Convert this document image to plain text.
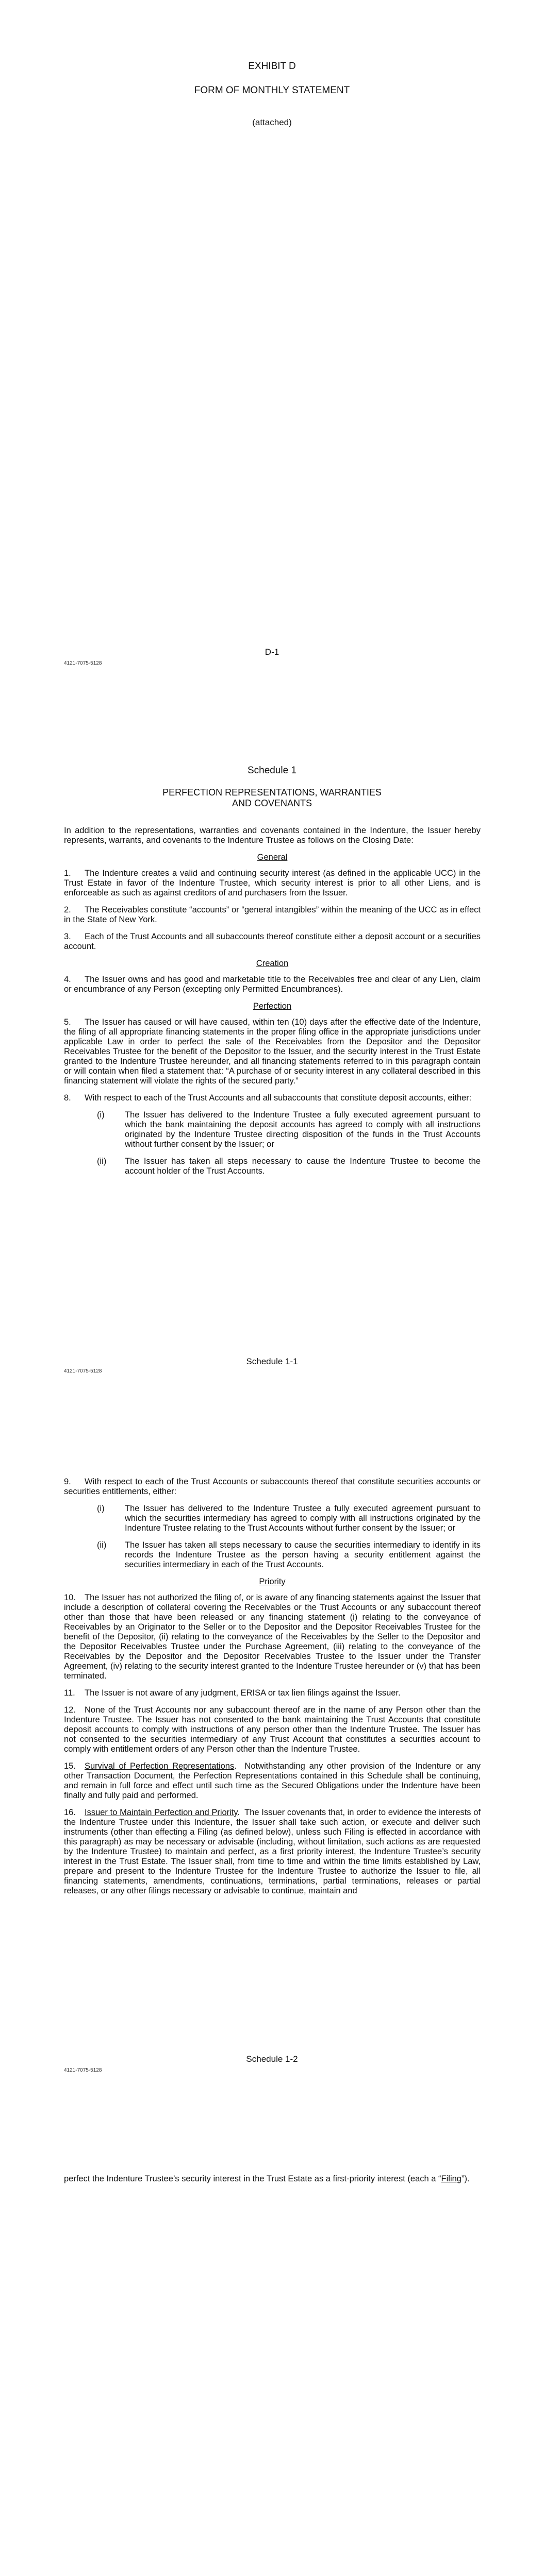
EXHIBIT D
FORM OF MONTHLY STATEMENT
(attached)
D-1
4121-7075-5128
Schedule 1
PERFECTION REPRESENTATIONS, WARRANTIES
AND COVENANTS

In addition to the representations, warranties and covenants contained in the Indenture, the Issuer hereby represents, warrants, and covenants to the Indenture Trustee as follows on the Closing Date:

General

1. The Indenture creates a valid and continuing security interest (as defined in the applicable UCC) in the Trust Estate in favor of the Indenture Trustee, which security interest is prior to all other Liens, and is enforceable as such as against creditors of and purchasers from the Issuer.

2. The Receivables constitute “accounts” or “general intangibles” within the meaning of the UCC as in effect in the State of New York.

3. Each of the Trust Accounts and all subaccounts thereof constitute either a deposit account or a securities account.

Creation

4. The Issuer owns and has good and marketable title to the Receivables free and clear of any Lien, claim or encumbrance of any Person (excepting only Permitted Encumbrances).

Perfection

5. The Issuer has caused or will have caused, within ten (10) days after the effective date of the Indenture, the filing of all appropriate financing statements in the proper filing office in the appropriate jurisdictions under applicable Law in order to perfect the sale of the Receivables from the Depositor and the Depositor Receivables Trustee for the benefit of the Depositor to the Issuer, and the security interest in the Trust Estate granted to the Indenture Trustee hereunder, and all financing statements referred to in this paragraph contain or will contain when filed a statement that: “A purchase of or security interest in any collateral described in this financing statement will violate the rights of the secured party.”

8. With respect to each of the Trust Accounts and all subaccounts that constitute deposit accounts, either:

(i)	The Issuer has delivered to the Indenture Trustee a fully executed agreement pursuant to which the bank maintaining the deposit accounts has agreed to comply with all instructions originated by the Indenture Trustee directing disposition of the funds in the Trust Accounts without further consent by the Issuer; or
(ii)	The Issuer has taken all steps necessary to cause the Indenture Trustee to become the account holder of the Trust Accounts.
Schedule 1-1
4121-7075-5128

9. With respect to each of the Trust Accounts or subaccounts thereof that constitute securities accounts or securities entitlements, either:

(i)	The Issuer has delivered to the Indenture Trustee a fully executed agreement pursuant to which the securities intermediary has agreed to comply with all instructions originated by the Indenture Trustee relating to the Trust Accounts without further consent by the Issuer; or
(ii)	The Issuer has taken all steps necessary to cause the securities intermediary to identify in its records the Indenture Trustee as the person having a security entitlement against the securities intermediary in each of the Trust Accounts.
Priority

10. The Issuer has not authorized the filing of, or is aware of any financing statements against the Issuer that include a description of collateral covering the Receivables or the Trust Accounts or any subaccount thereof other than those that have been released or any financing statement (i) relating to the conveyance of Receivables by an Originator to the Seller or to the Depositor and the Depositor Receivables Trustee for the benefit of the Depositor, (ii) relating to the conveyance of the Receivables by the Seller to the Depositor and the Depositor Receivables Trustee under the Purchase Agreement, (iii) relating to the conveyance of the Receivables by the Depositor and the Depositor Receivables Trustee to the Issuer under the Transfer Agreement, (iv) relating to the security interest granted to the Indenture Trustee hereunder or (v) that has been terminated.

11. The Issuer is not aware of any judgment, ERISA or tax lien filings against the Issuer.

12. None of the Trust Accounts nor any subaccount thereof are in the name of any Person other than the Indenture Trustee. The Issuer has not consented to the bank maintaining the Trust Accounts that constitute deposit accounts to comply with instructions of any person other than the Indenture Trustee. The Issuer has not consented to the securities intermediary of any Trust Account that constitutes a securities account to comply with entitlement orders of any Person other than the Indenture Trustee.

15. Survival of Perfection Representations.  Notwithstanding any other provision of the Indenture or any other Transaction Document, the Perfection Representations contained in this Schedule shall be continuing, and remain in full force and effect until such time as the Secured Obligations under the Indenture have been finally and fully paid and performed.

16. Issuer to Maintain Perfection and Priority.  The Issuer covenants that, in order to evidence the interests of the Indenture Trustee under this Indenture, the Issuer shall take such action, or execute and deliver such instruments (other than effecting a Filing (as defined below), unless such Filing is effected in accordance with this paragraph) as may be necessary or advisable (including, without limitation, such actions as are requested by the Indenture Trustee) to maintain and perfect, as a first priority interest, the Indenture Trustee’s security interest in the Trust Estate. The Issuer shall, from time to time and within the time limits established by Law, prepare and present to the Indenture Trustee for the Indenture Trustee to authorize the Issuer to file, all financing statements, amendments, continuations, terminations, partial terminations, releases or partial releases, or any other filings necessary or advisable to continue, maintain and

Schedule 1-2
4121-7075-5128

perfect the Indenture Trustee’s security interest in the Trust Estate as a first-priority interest (each a “Filing”).
